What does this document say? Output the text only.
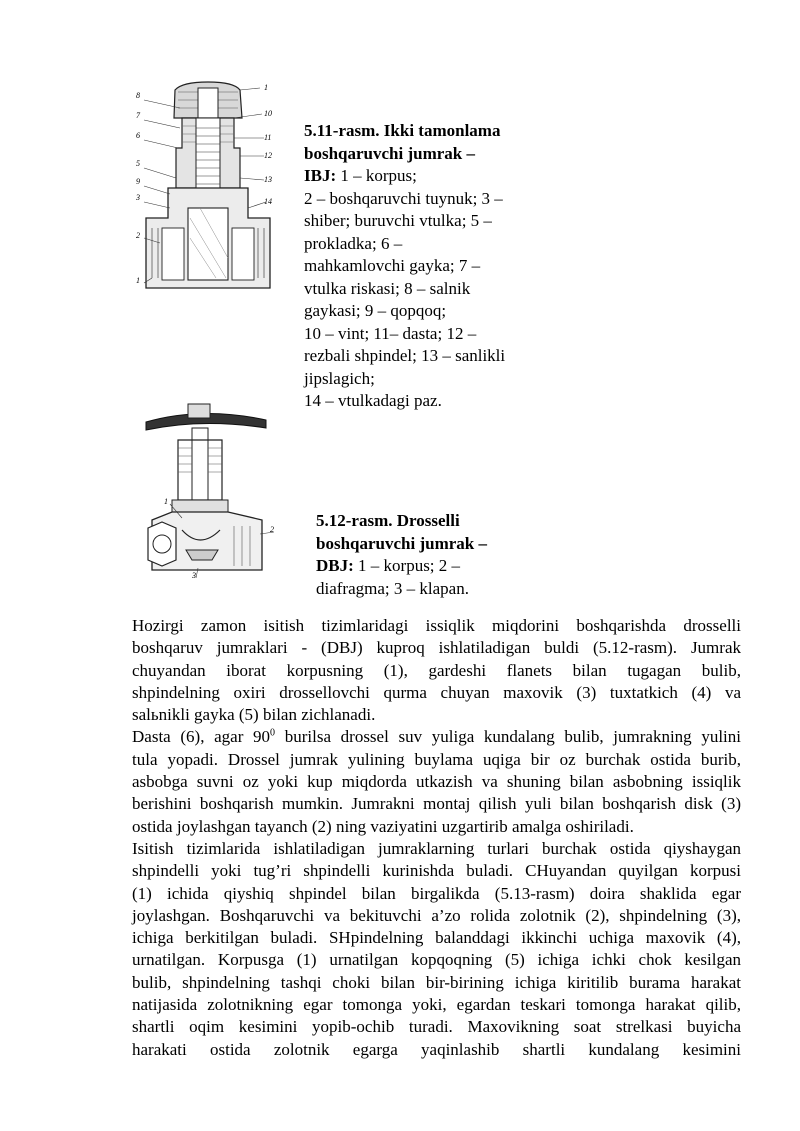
8
7
6
5
9
3
2
1
1
10
11
12
13
14
5.11-rasm. Ikki tamonlama
boshqaruvchi jumrak –
IBJ: 1 – korpus;
2 – boshqaruvchi tuynuk; 3 –
shiber; buruvchi vtulka; 5 –
prokladka; 6 –
mahkamlovchi gayka; 7 –
vtulka riskasi; 8 – salnik
gaykasi; 9 – qopqoq;
10 – vint; 11– dasta; 12 –
rezbali shpindel; 13 – sanlikli
jipslagich;
14 – vtulkadagi paz.
1
2
3
5.12-rasm. Drosselli
boshqaruvchi jumrak –
DBJ: 1 – korpus; 2 –
diafragma; 3 – klapan.
Hozirgi zamon isitish tizimlaridagi issiqlik miqdorini boshqarishda drosselli
boshqaruv jumraklari - (DBJ) kuproq ishlatiladigan buldi (5.12-rasm). Jumrak
chuyandan iborat korpusning (1), gardeshi flanets bilan tugagan bulib,
shpindelning oxiri drossellovchi qurma chuyan maxovik (3) tuxtatkich (4) va
salьnikli gayka (5) bilan zichlanadi.
Dasta (6), agar $90^0$ burilsa drossel suv yuliga kundalang bulib, jumrakning yulini
tula yopadi. Drossel jumrak yulining buylama uqiga bir oz burchak ostida burib,
asbobga suvni oz yoki kup miqdorda utkazish va shuning bilan asbobning issiqlik
berishini boshqarish mumkin. Jumrakni montaj qilish yuli bilan boshqarish disk (3)
ostida joylashgan tayanch (2) ning vaziyatini uzgartirib amalga oshiriladi.
Isitish tizimlarida ishlatiladigan jumraklarning turlari burchak ostida qiyshaygan
shpindelli yoki tug’ri shpindelli kurinishda buladi. CHuyandan quyilgan korpusi
(1) ichida qiyshiq shpindel bilan birgalikda (5.13-rasm) doira shaklida egar
joylashgan. Boshqaruvchi va bekituvchi a’zo rolida zolotnik (2), shpindelning (3),
ichiga berkitilgan buladi. SHpindelning balanddagi ikkinchi uchiga maxovik (4),
urnatilgan. Korpusga (1) urnatilgan kopqoqning (5) ichiga ichki chok kesilgan
bulib, shpindelning tashqi choki bilan bir-birining ichiga kiritilib burama harakat
natijasida zolotnikning egar tomonga yoki, egardan teskari tomonga harakat qilib,
shartli oqim kesimini yopib-ochib turadi. Maxovikning soat strelkasi buyicha
harakati ostida zolotnik egarga yaqinlashib shartli kundalang kesimini
